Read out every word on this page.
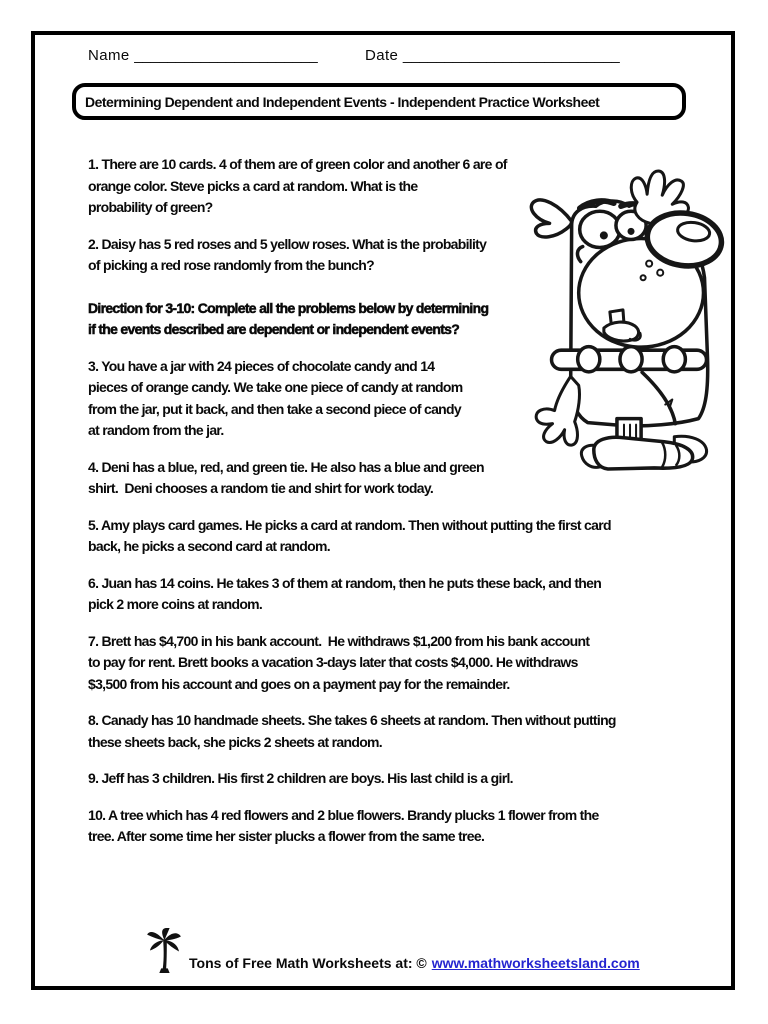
Name ______________________	Date __________________________
Determining Dependent and Independent Events - Independent Practice Worksheet
1. There are 10 cards. 4 of them are of green color and another 6 are of
orange color. Steve picks a card at random. What is the
probability of green?
2. Daisy has 5 red roses and 5 yellow roses. What is the probability
of picking a red rose randomly from the bunch?
Direction for 3-10: Complete all the problems below by determining
if the events described are dependent or independent events?
3. You have a jar with 24 pieces of chocolate candy and 14
pieces of orange candy. We take one piece of candy at random
from the jar, put it back, and then take a second piece of candy
at random from the jar.
4. Deni has a blue, red, and green tie. He also has a blue and green
shirt.  Deni chooses a random tie and shirt for work today.
5. Amy plays card games. He picks a card at random. Then without putting the first card
back, he picks a second card at random.
6. Juan has 14 coins. He takes 3 of them at random, then he puts these back, and then
pick 2 more coins at random.
7. Brett has $4,700 in his bank account.  He withdraws $1,200 from his bank account
to pay for rent. Brett books a vacation 3-days later that costs $4,000. He withdraws
$3,500 from his account and goes on a payment pay for the remainder.
8. Canady has 10 handmade sheets. She takes 6 sheets at random. Then without putting
these sheets back, she picks 2 sheets at random.
9. Jeff has 3 children. His first 2 children are boys. His last child is a girl.
10. A tree which has 4 red flowers and 2 blue flowers. Brandy plucks 1 flower from the
tree. After some time her sister plucks a flower from the same tree.
Tons of Free Math Worksheets at: © www.mathworksheetsland.com
